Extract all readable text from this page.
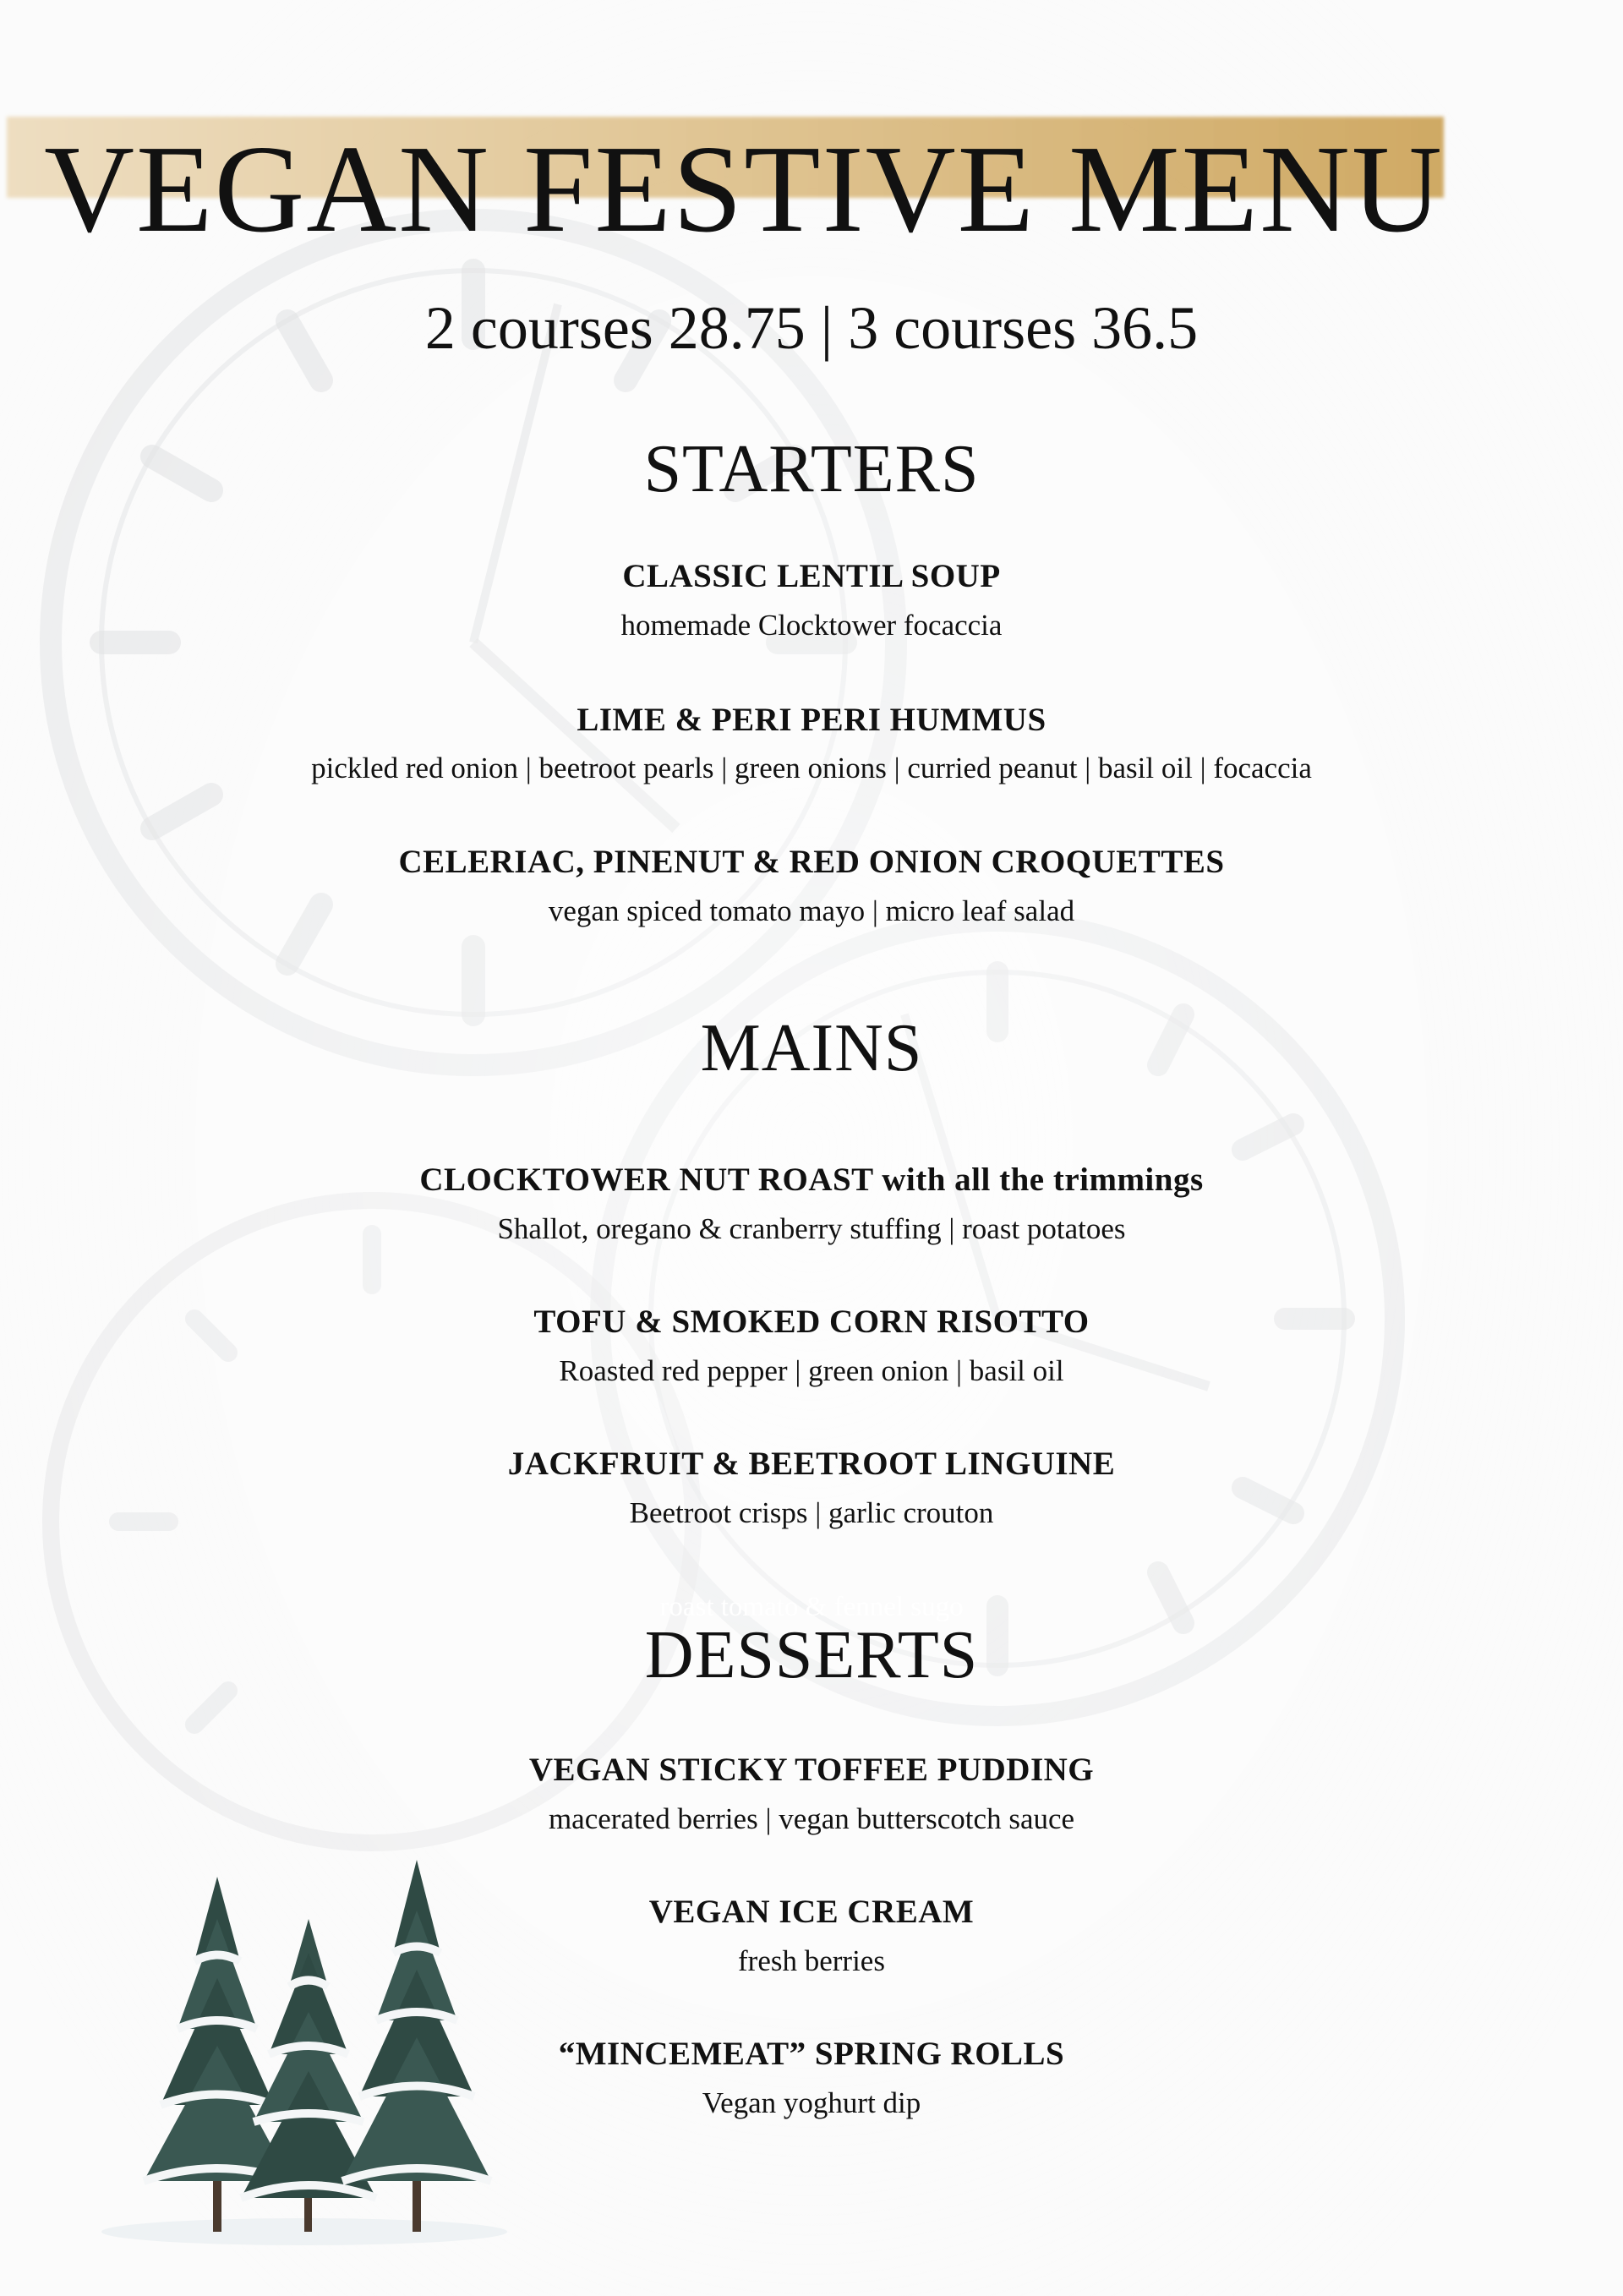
VEGAN FESTIVE MENU
2 courses 28.75 | 3 courses 36.5
STARTERS
CLASSIC LENTIL SOUP
homemade Clocktower focaccia
LIME & PERI PERI HUMMUS
pickled red onion | beetroot pearls | green onions | curried peanut | basil oil | focaccia
CELERIAC, PINENUT & RED ONION CROQUETTES
vegan spiced tomato mayo | micro leaf salad
MAINS
CLOCKTOWER NUT ROAST with all the trimmings
Shallot, oregano & cranberry stuffing | roast potatoes
TOFU & SMOKED CORN RISOTTO
Roasted red pepper | green onion | basil oil
JACKFRUIT & BEETROOT LINGUINE
Beetroot crisps | garlic crouton
roast tomato & fennel sugo
DESSERTS
VEGAN STICKY TOFFEE PUDDING
macerated berries | vegan butterscotch sauce
VEGAN ICE CREAM
fresh berries
“MINCEMEAT” SPRING ROLLS
Vegan yoghurt dip
